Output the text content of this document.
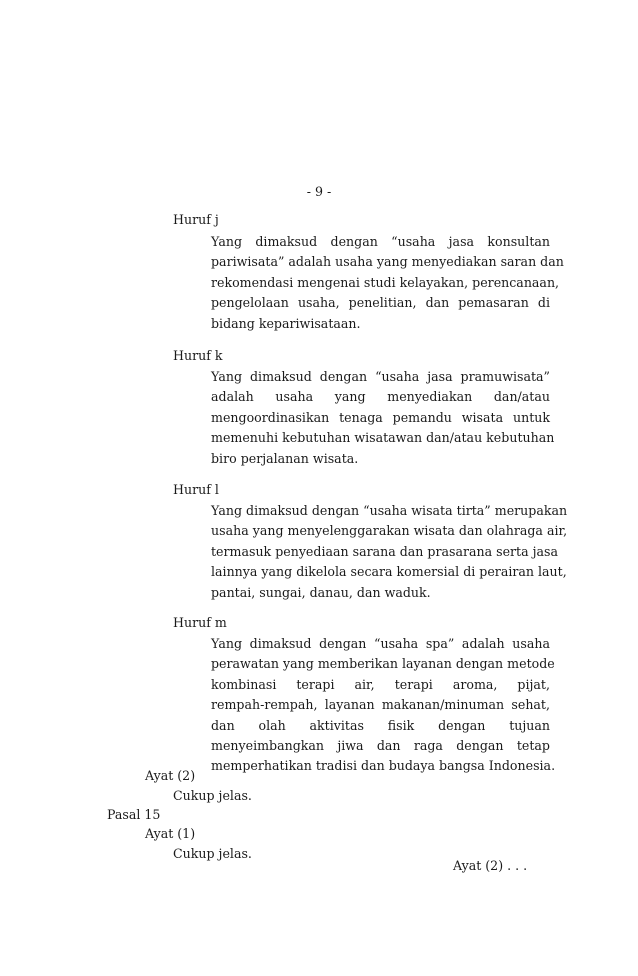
- 9 -
Huruf j
Yang dimaksud dengan “usaha jasa konsultan
pariwisata” adalah usaha yang menyediakan saran dan
rekomendasi mengenai studi kelayakan, perencanaan,
pengelolaan usaha, penelitian, dan pemasaran di
bidang kepariwisataan.
Huruf k
Yang dimaksud dengan “usaha jasa pramuwisata”
adalah usaha yang menyediakan dan/atau
mengoordinasikan tenaga pemandu wisata untuk
memenuhi kebutuhan wisatawan dan/atau kebutuhan
biro perjalanan wisata.
Huruf l
Yang dimaksud dengan “usaha wisata tirta” merupakan
usaha yang menyelenggarakan wisata dan olahraga air,
termasuk penyediaan sarana dan prasarana serta jasa
lainnya yang dikelola secara komersial di perairan laut,
pantai, sungai, danau, dan waduk.
Huruf m
Yang dimaksud dengan “usaha spa” adalah usaha
perawatan yang memberikan layanan dengan metode
kombinasi terapi air, terapi aroma, pijat,
rempah-rempah, layanan makanan/minuman sehat,
dan olah aktivitas fisik dengan tujuan
menyeimbangkan jiwa dan raga dengan tetap
memperhatikan tradisi dan budaya bangsa Indonesia.
Ayat (2)
Cukup jelas.
Pasal 15
Ayat (1)
Cukup jelas.
Ayat (2) . . .
